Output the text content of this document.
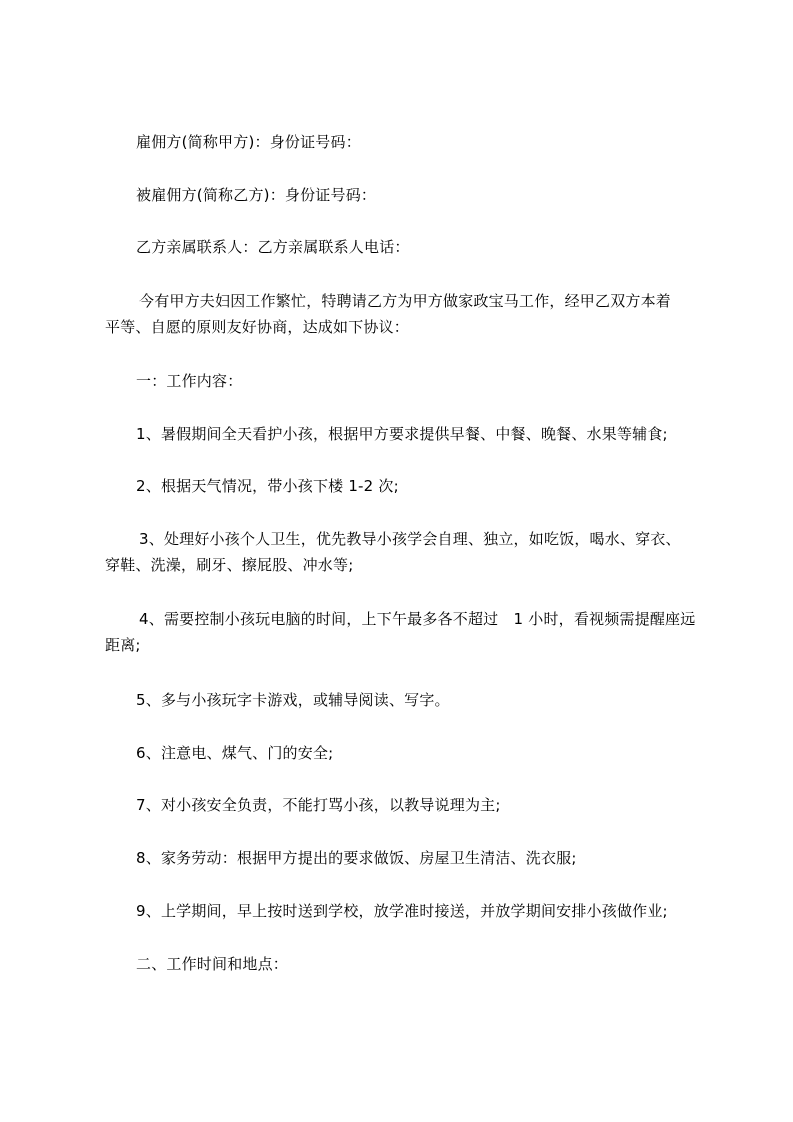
雇佣方(简称甲方)：身份证号码：
被雇佣方(简称乙方)：身份证号码：
乙方亲属联系人：乙方亲属联系人电话：
今有甲方夫妇因工作繁忙，特聘请乙方为甲方做家政宝马工作，经甲乙双方本着
平等、自愿的原则友好协商，达成如下协议：
一：工作内容：
1、暑假期间全天看护小孩，根据甲方要求提供早餐、中餐、晚餐、水果等辅食;
2、根据天气情况，带小孩下楼 1-2 次;
3、处理好小孩个人卫生，优先教导小孩学会自理、独立，如吃饭，喝水、穿衣、
穿鞋、洗澡，刷牙、擦屁股、冲水等;
4、需要控制小孩玩电脑的时间，上下午最多各不超过　1 小时，看视频需提醒座远
距离;
5、多与小孩玩字卡游戏，或辅导阅读、写字。
6、注意电、煤气、门的安全;
7、对小孩安全负责，不能打骂小孩，以教导说理为主;
8、家务劳动：根据甲方提出的要求做饭、房屋卫生清洁、洗衣服;
9、上学期间，早上按时送到学校，放学准时接送，并放学期间安排小孩做作业;
二、工作时间和地点：
